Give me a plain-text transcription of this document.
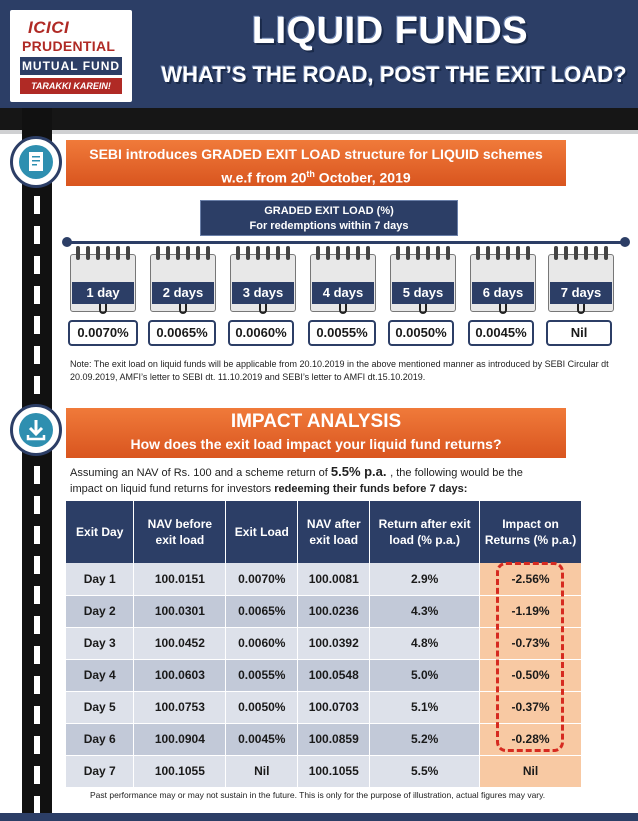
ICICI
PRUDENTIAL
MUTUAL FUND
TARAKKI KAREIN!
LIQUID FUNDS
WHAT’S THE ROAD, POST THE EXIT LOAD?
SEBI introduces GRADED EXIT LOAD structure for LIQUID schemes
w.e.f from 20th October, 2019
GRADED EXIT LOAD (%)
For redemptions within 7 days
1 day
0.0070%
2 days
0.0065%
3 days
0.0060%
4 days
0.0055%
5 days
0.0050%
6 days
0.0045%
7 days
Nil
Note: The exit load on liquid funds will be applicable from 20.10.2019 in the above mentioned manner as introduced by SEBI Circular dt 20.09.2019, AMFI’s letter to SEBI dt. 11.10.2019 and SEBI’s letter to AMFI dt.15.10.2019.
IMPACT ANALYSIS
How does the exit load impact your liquid fund returns?
Assuming an NAV of Rs. 100 and a scheme return of 5.5% p.a. , the following would be the
impact on liquid fund returns for investors redeeming their funds before 7 days:
Exit Day	NAV before exit load	Exit Load	NAV after exit load	Return after exit load (% p.a.)	Impact on Returns (% p.a.)
Day 1	100.0151	0.0070%	100.0081	2.9%	-2.56%
Day 2	100.0301	0.0065%	100.0236	4.3%	-1.19%
Day 3	100.0452	0.0060%	100.0392	4.8%	-0.73%
Day 4	100.0603	0.0055%	100.0548	5.0%	-0.50%
Day 5	100.0753	0.0050%	100.0703	5.1%	-0.37%
Day 6	100.0904	0.0045%	100.0859	5.2%	-0.28%
Day 7	100.1055	Nil	100.1055	5.5%	Nil
Past performance may or may not sustain in the future. This is only for the purpose of illustration, actual figures may vary.
